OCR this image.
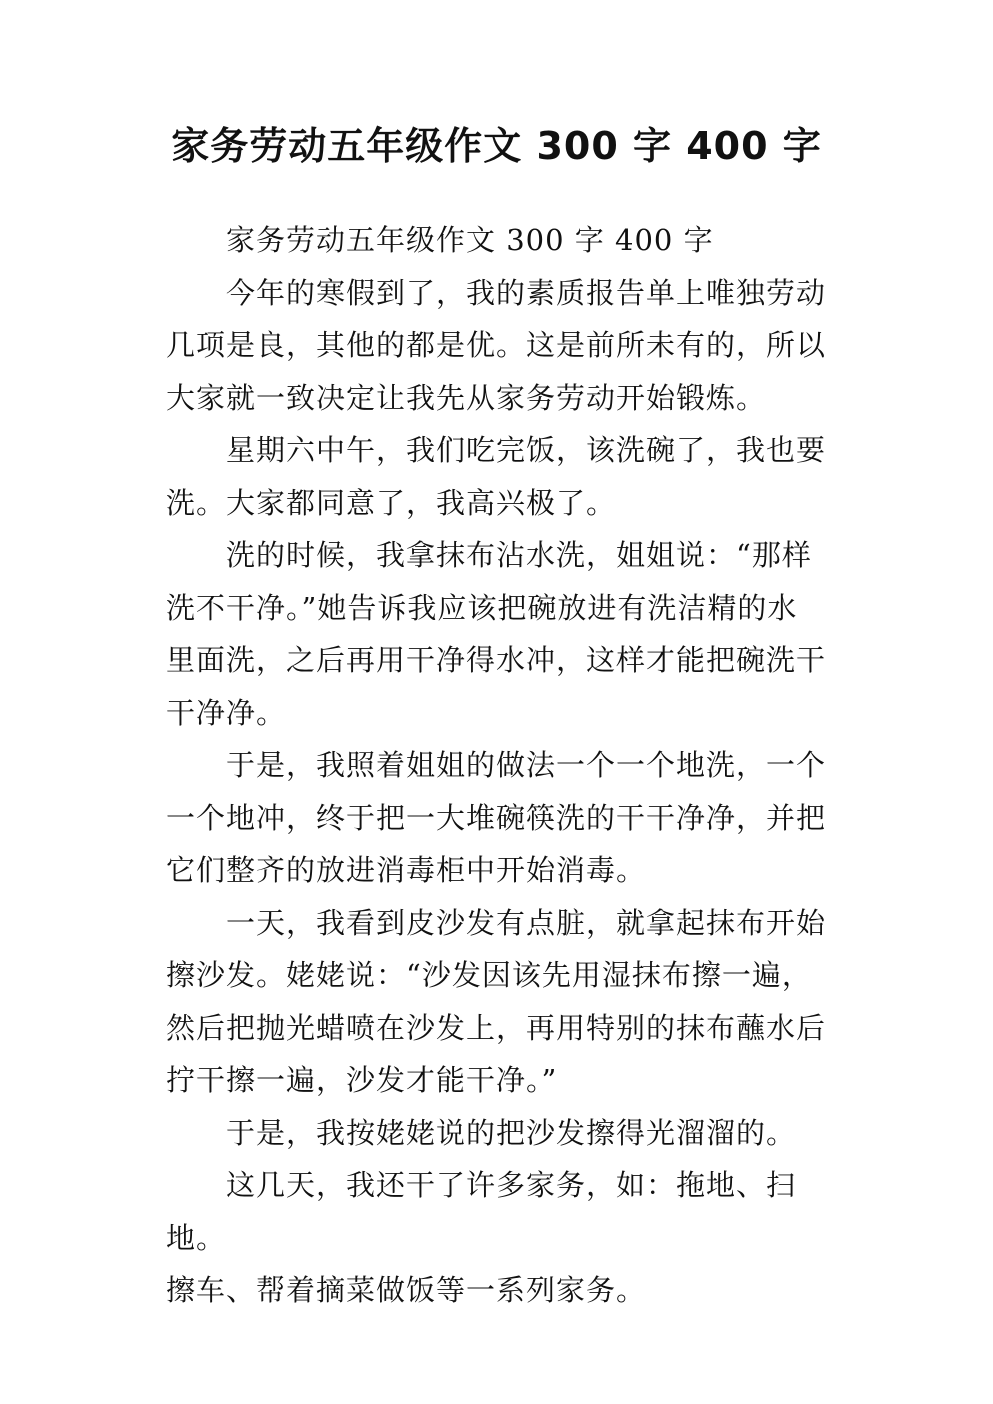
家务劳动五年级作文 300 字 400 字

家务劳动五年级作文 300 字 400 字

今年的寒假到了，我的素质报告单上唯独劳动
几项是良，其他的都是优。这是前所未有的，所以
大家就一致决定让我先从家务劳动开始锻炼。

星期六中午，我们吃完饭，该洗碗了，我也要
洗。大家都同意了，我高兴极了。

洗的时候，我拿抹布沾水洗，姐姐说：“那样
洗不干净。”她告诉我应该把碗放进有洗洁精的水
里面洗，之后再用干净得水冲，这样才能把碗洗干
干净净。

于是，我照着姐姐的做法一个一个地洗，一个
一个地冲，终于把一大堆碗筷洗的干干净净，并把
它们整齐的放进消毒柜中开始消毒。

一天，我看到皮沙发有点脏，就拿起抹布开始
擦沙发。姥姥说：“沙发因该先用湿抹布擦一遍，
然后把抛光蜡喷在沙发上，再用特别的抹布蘸水后
拧干擦一遍，沙发才能干净。”

于是，我按姥姥说的把沙发擦得光溜溜的。

这几天，我还干了许多家务，如：拖地、扫地。
擦车、帮着摘菜做饭等一系列家务。
